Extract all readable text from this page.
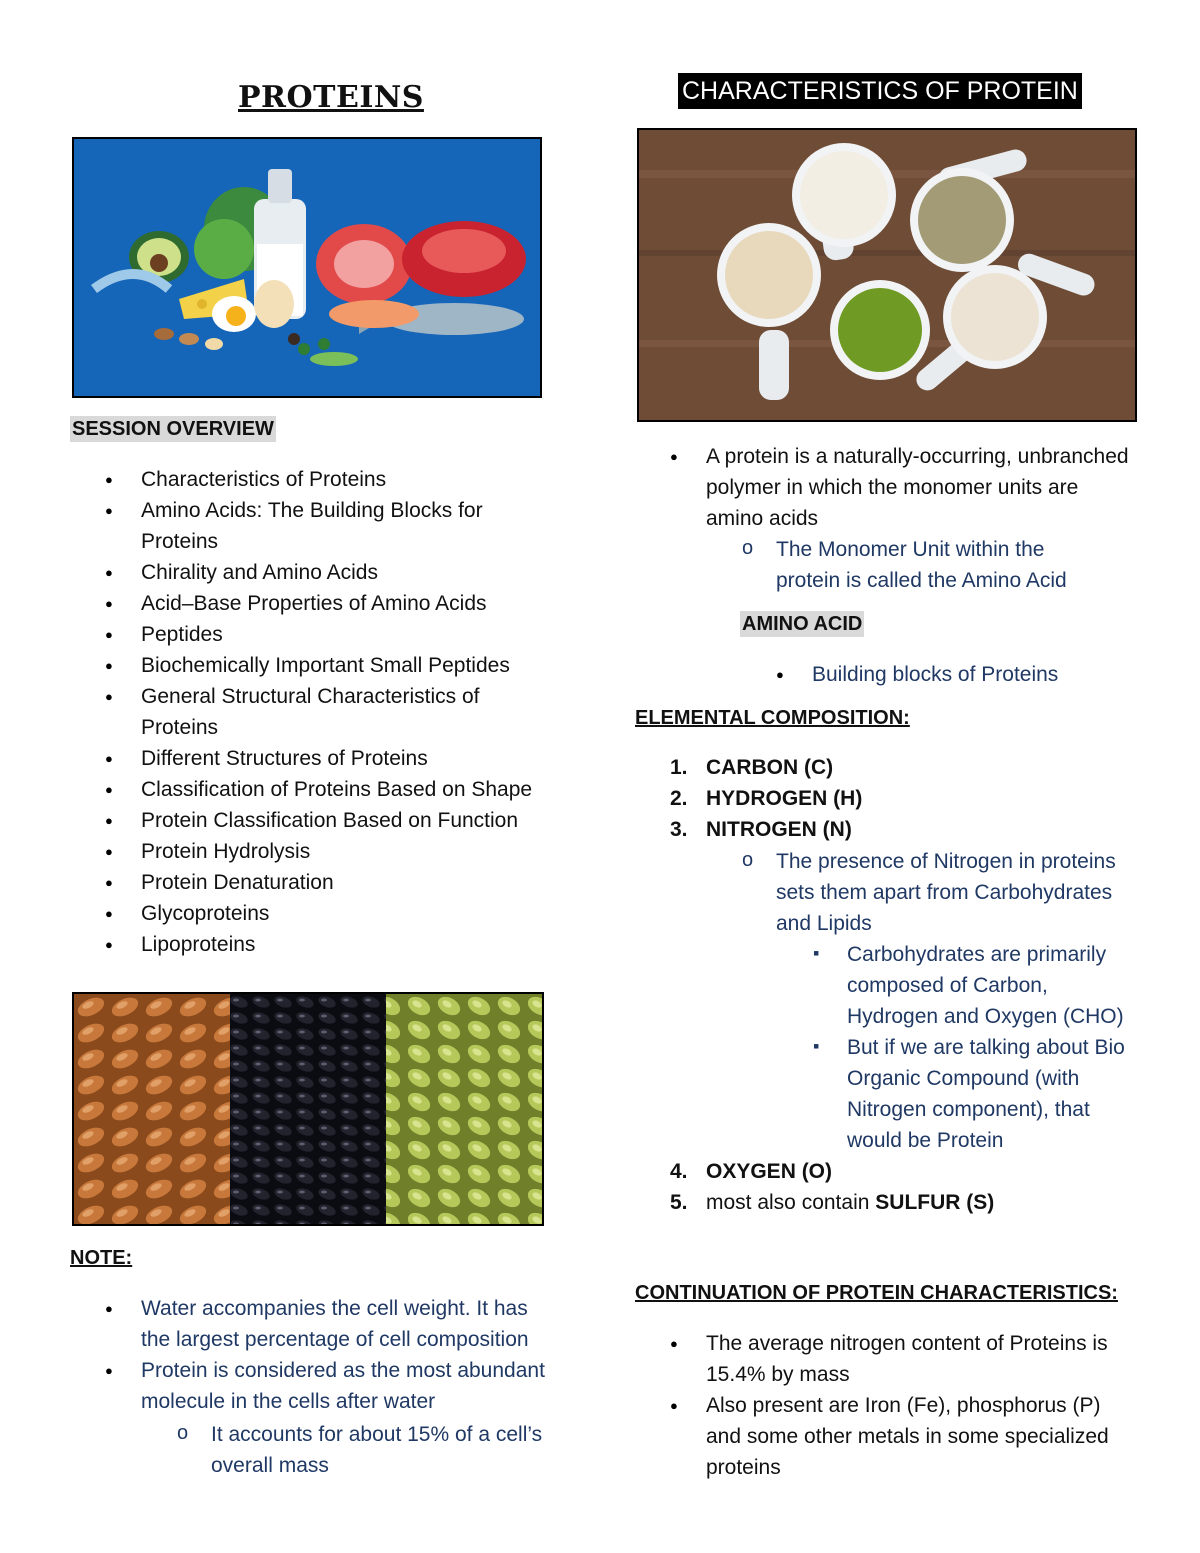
PROTEINS
SESSION OVERVIEW
● Characteristics of Proteins
● Amino Acids: The Building Blocks for Proteins
● Chirality and Amino Acids
● Acid–Base Properties of Amino Acids
● Peptides
● Biochemically Important Small Peptides
● General Structural Characteristics of Proteins
● Different Structures of Proteins
● Classification of Proteins Based on Shape
● Protein Classification Based on Function
● Protein Hydrolysis
● Protein Denaturation
● Glycoproteins
● Lipoproteins
NOTE:
● Water accompanies the cell weight. It has the largest percentage of cell composition
● Protein is considered as the most abundant molecule in the cells after water
o It accounts for about 15% of a cell’s overall mass
CHARACTERISTICS OF PROTEIN
● A protein is a naturally-occurring, unbranched polymer in which the monomer units are amino acids
o The Monomer Unit within the protein is called the Amino Acid
AMINO ACID
● Building blocks of Proteins
ELEMENTAL COMPOSITION:
1. CARBON (C)
2. HYDROGEN (H)
3. NITROGEN (N)
o The presence of Nitrogen in proteins sets them apart from Carbohydrates and Lipids
▪ Carbohydrates are primarily composed of Carbon, Hydrogen and Oxygen (CHO)
▪ But if we are talking about Bio Organic Compound (with Nitrogen component), that would be Protein
4. OXYGEN (O)
5. most also contain SULFUR (S)
CONTINUATION OF PROTEIN CHARACTERISTICS:
● The average nitrogen content of Proteins is 15.4% by mass
● Also present are Iron (Fe), phosphorus (P) and some other metals in some specialized proteins
